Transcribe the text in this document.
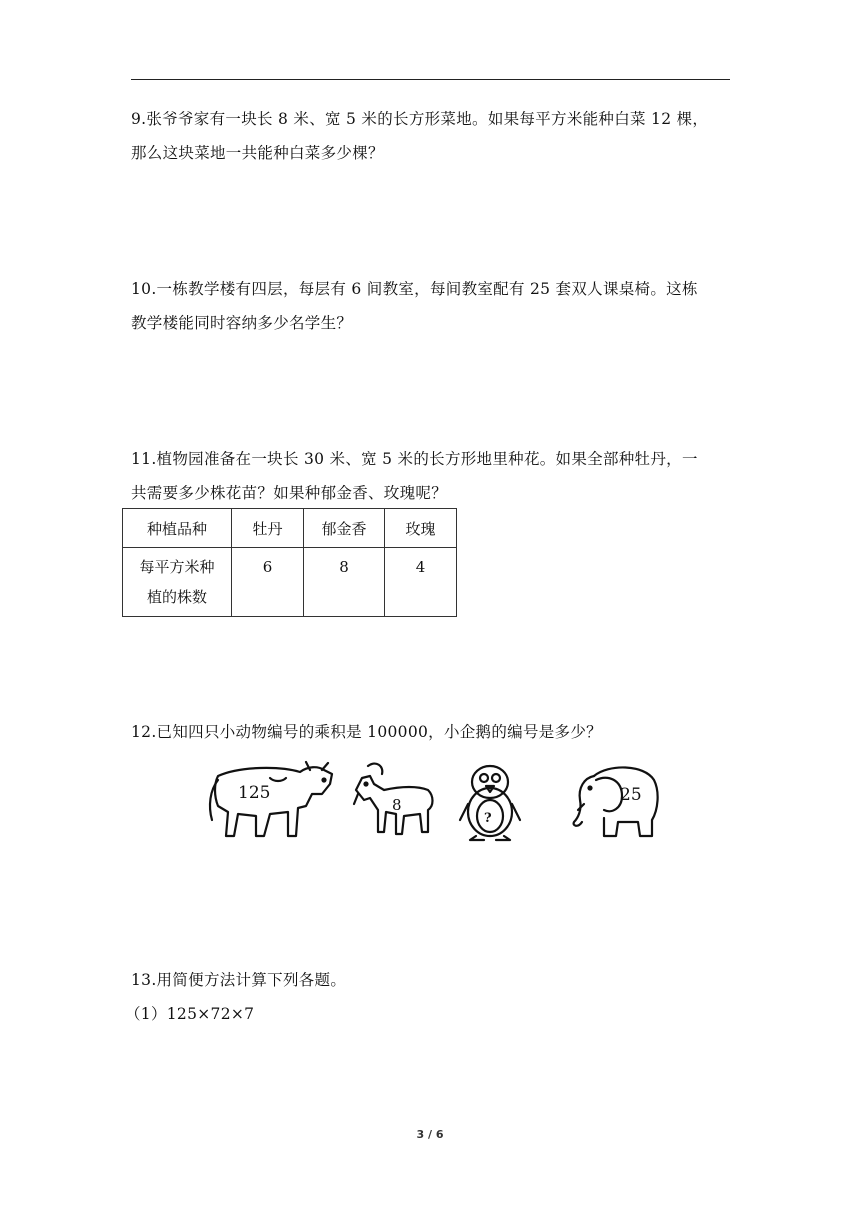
9.张爷爷家有一块长 8 米、宽 5 米的长方形菜地。如果每平方米能种白菜 12 棵，

那么这块菜地一共能种白菜多少棵？

10.一栋教学楼有四层，每层有 6 间教室，每间教室配有 25 套双人课桌椅。这栋

教学楼能同时容纳多少名学生？

11.植物园准备在一块长 30 米、宽 5 米的长方形地里种花。如果全部种牡丹，一

共需要多少株花苗？如果种郁金香、玫瑰呢？

种植品种	牡丹	郁金香	玫瑰

每平方米种
植的株数	6	8	4

12.已知四只小动物编号的乘积是 100000，小企鹅的编号是多少？

125
8
?
25

13.用简便方法计算下列各题。

（1）125×72×7

3 / 6
